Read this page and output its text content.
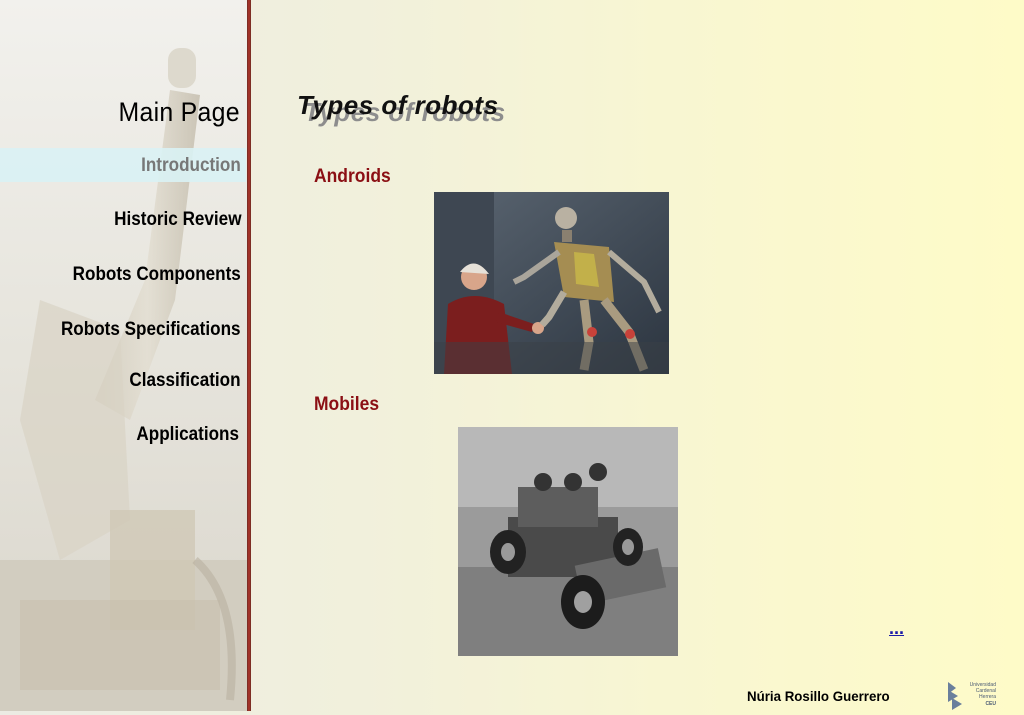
Main Page
Introduction
Historic Review
Robots Components
Robots Specifications
Classification
Applications
Types of robots
Androids
Mobiles
...
Núria Rosillo Guerrero
Universidad
Cardenal
Herrera
CEU
